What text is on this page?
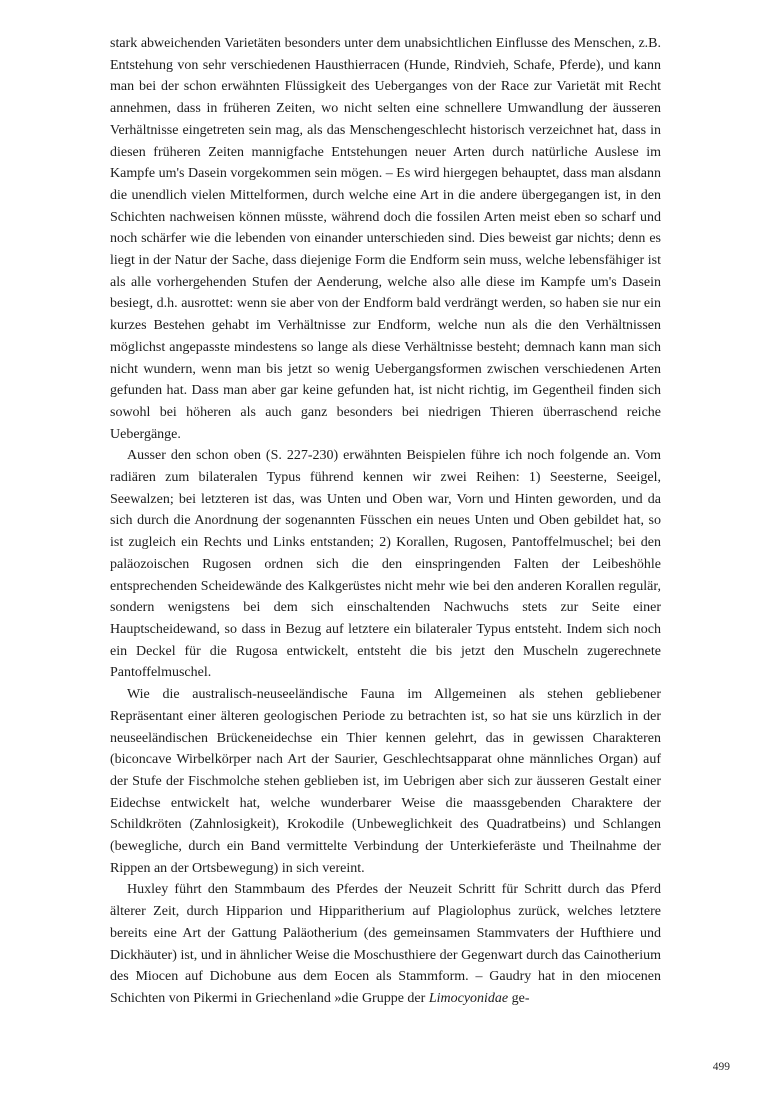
stark abweichenden Varietäten besonders unter dem unabsichtlichen Einflusse des Menschen, z.B. Entstehung von sehr verschiedenen Hausthierracen (Hunde, Rindvieh, Schafe, Pferde), und kann man bei der schon erwähnten Flüssigkeit des Ueberganges von der Race zur Varietät mit Recht annehmen, dass in früheren Zeiten, wo nicht selten eine schnellere Umwandlung der äusseren Verhältnisse eingetreten sein mag, als das Menschengeschlecht historisch verzeichnet hat, dass in diesen früheren Zeiten mannigfache Entstehungen neuer Arten durch natürliche Auslese im Kampfe um's Dasein vorgekommen sein mögen. – Es wird hiergegen behauptet, dass man alsdann die unendlich vielen Mittelformen, durch welche eine Art in die andere übergegangen ist, in den Schichten nachweisen können müsste, während doch die fossilen Arten meist eben so scharf und noch schärfer wie die lebenden von einander unterschieden sind. Dies beweist gar nichts; denn es liegt in der Natur der Sache, dass diejenige Form die Endform sein muss, welche lebensfähiger ist als alle vorhergehenden Stufen der Aenderung, welche also alle diese im Kampfe um's Dasein besiegt, d.h. ausrottet: wenn sie aber von der Endform bald verdrängt werden, so haben sie nur ein kurzes Bestehen gehabt im Verhältnisse zur Endform, welche nun als die den Verhältnissen möglichst angepasste mindestens so lange als diese Verhältnisse besteht; demnach kann man sich nicht wundern, wenn man bis jetzt so wenig Uebergangsformen zwischen verschiedenen Arten gefunden hat. Dass man aber gar keine gefunden hat, ist nicht richtig, im Gegentheil finden sich sowohl bei höheren als auch ganz besonders bei niedrigen Thieren überraschend reiche Uebergänge.

Ausser den schon oben (S. 227-230) erwähnten Beispielen führe ich noch folgende an. Vom radiären zum bilateralen Typus führend kennen wir zwei Reihen: 1) Seesterne, Seeigel, Seewalzen; bei letzteren ist das, was Unten und Oben war, Vorn und Hinten geworden, und da sich durch die Anordnung der sogenannten Füsschen ein neues Unten und Oben gebildet hat, so ist zugleich ein Rechts und Links entstanden; 2) Korallen, Rugosen, Pantoffelmuschel; bei den paläozoischen Rugosen ordnen sich die den einspringenden Falten der Leibeshöhle entsprechenden Scheidewände des Kalkgerüstes nicht mehr wie bei den anderen Korallen regulär, sondern wenigstens bei dem sich einschaltenden Nachwuchs stets zur Seite einer Hauptscheidewand, so dass in Bezug auf letztere ein bilateraler Typus entsteht. Indem sich noch ein Deckel für die Rugosa entwickelt, entsteht die bis jetzt den Muscheln zugerechnete Pantoffelmuschel.

Wie die australisch-neuseeländische Fauna im Allgemeinen als stehen gebliebener Repräsentant einer älteren geologischen Periode zu betrachten ist, so hat sie uns kürzlich in der neuseeländischen Brückeneidechse ein Thier kennen gelehrt, das in gewissen Charakteren (biconcave Wirbelkörper nach Art der Saurier, Geschlechtsapparat ohne männliches Organ) auf der Stufe der Fischmolche stehen geblieben ist, im Uebrigen aber sich zur äusseren Gestalt einer Eidechse entwickelt hat, welche wunderbarer Weise die maassgebenden Charaktere der Schildkröten (Zahnlosigkeit), Krokodile (Unbeweglichkeit des Quadratbeins) und Schlangen (bewegliche, durch ein Band vermittelte Verbindung der Unterkieferäste und Theilnahme der Rippen an der Ortsbewegung) in sich vereint.

Huxley führt den Stammbaum des Pferdes der Neuzeit Schritt für Schritt durch das Pferd älterer Zeit, durch Hipparion und Hipparitherium auf Plagiolophus zurück, welches letztere bereits eine Art der Gattung Paläotherium (des gemeinsamen Stammvaters der Hufthiere und Dickhäuter) ist, und in ähnlicher Weise die Moschusthiere der Gegenwart durch das Cainotherium des Miocen auf Dichobune aus dem Eocen als Stammform. – Gaudry hat in den miocenen Schichten von Pikermi in Griechenland »die Gruppe der Limocyonidae ge-

499
